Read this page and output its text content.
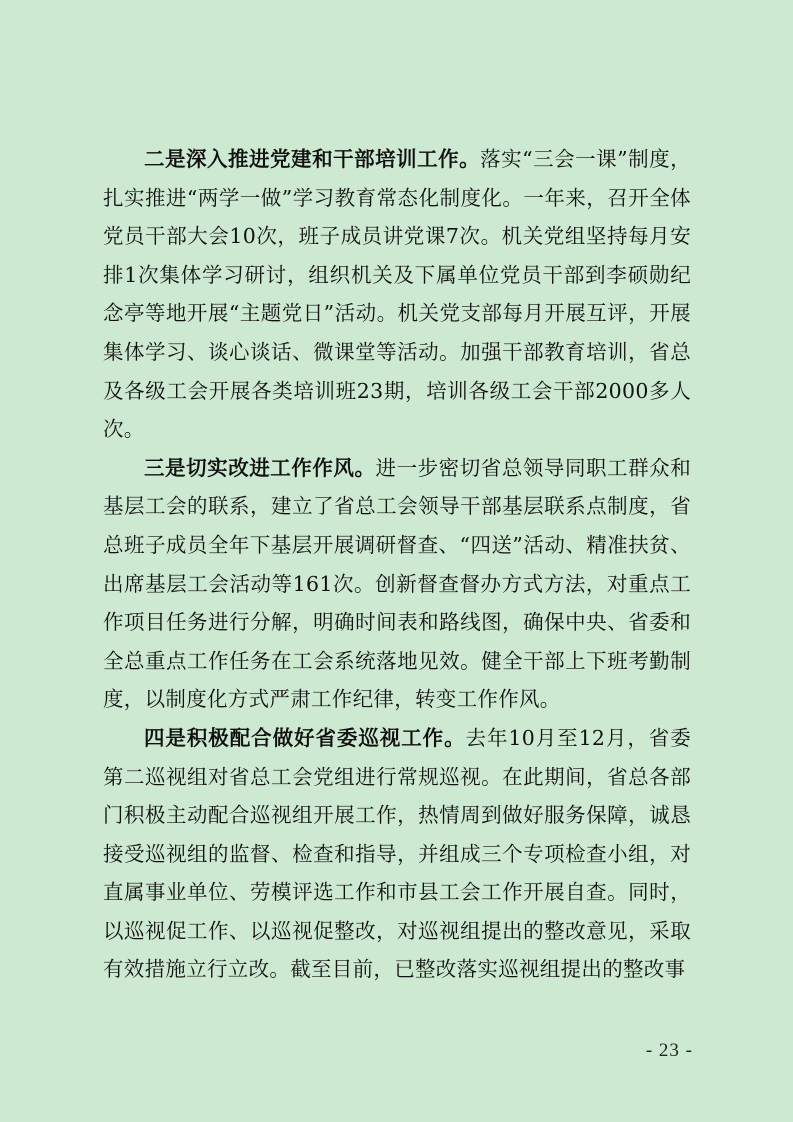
二是深入推进党建和干部培训工作。落实“三会一课”制度，扎实推进“两学一做”学习教育常态化制度化。一年来，召开全体党员干部大会10次，班子成员讲党课7次。机关党组坚持每月安排1次集体学习研讨，组织机关及下属单位党员干部到李硕勋纪念亭等地开展“主题党日”活动。机关党支部每月开展互评，开展集体学习、谈心谈话、微课堂等活动。加强干部教育培训，省总及各级工会开展各类培训班23期，培训各级工会干部2000多人次。

三是切实改进工作作风。进一步密切省总领导同职工群众和基层工会的联系，建立了省总工会领导干部基层联系点制度，省总班子成员全年下基层开展调研督查、“四送”活动、精准扶贫、出席基层工会活动等161次。创新督查督办方式方法，对重点工作项目任务进行分解，明确时间表和路线图，确保中央、省委和全总重点工作任务在工会系统落地见效。健全干部上下班考勤制度，以制度化方式严肃工作纪律，转变工作作风。

四是积极配合做好省委巡视工作。去年10月至12月，省委第二巡视组对省总工会党组进行常规巡视。在此期间，省总各部门积极主动配合巡视组开展工作，热情周到做好服务保障，诚恳接受巡视组的监督、检查和指导，并组成三个专项检查小组，对直属事业单位、劳模评选工作和市县工会工作开展自查。同时，以巡视促工作、以巡视促整改，对巡视组提出的整改意见，采取有效措施立行立改。截至目前，已整改落实巡视组提出的整改事

- 23 -
